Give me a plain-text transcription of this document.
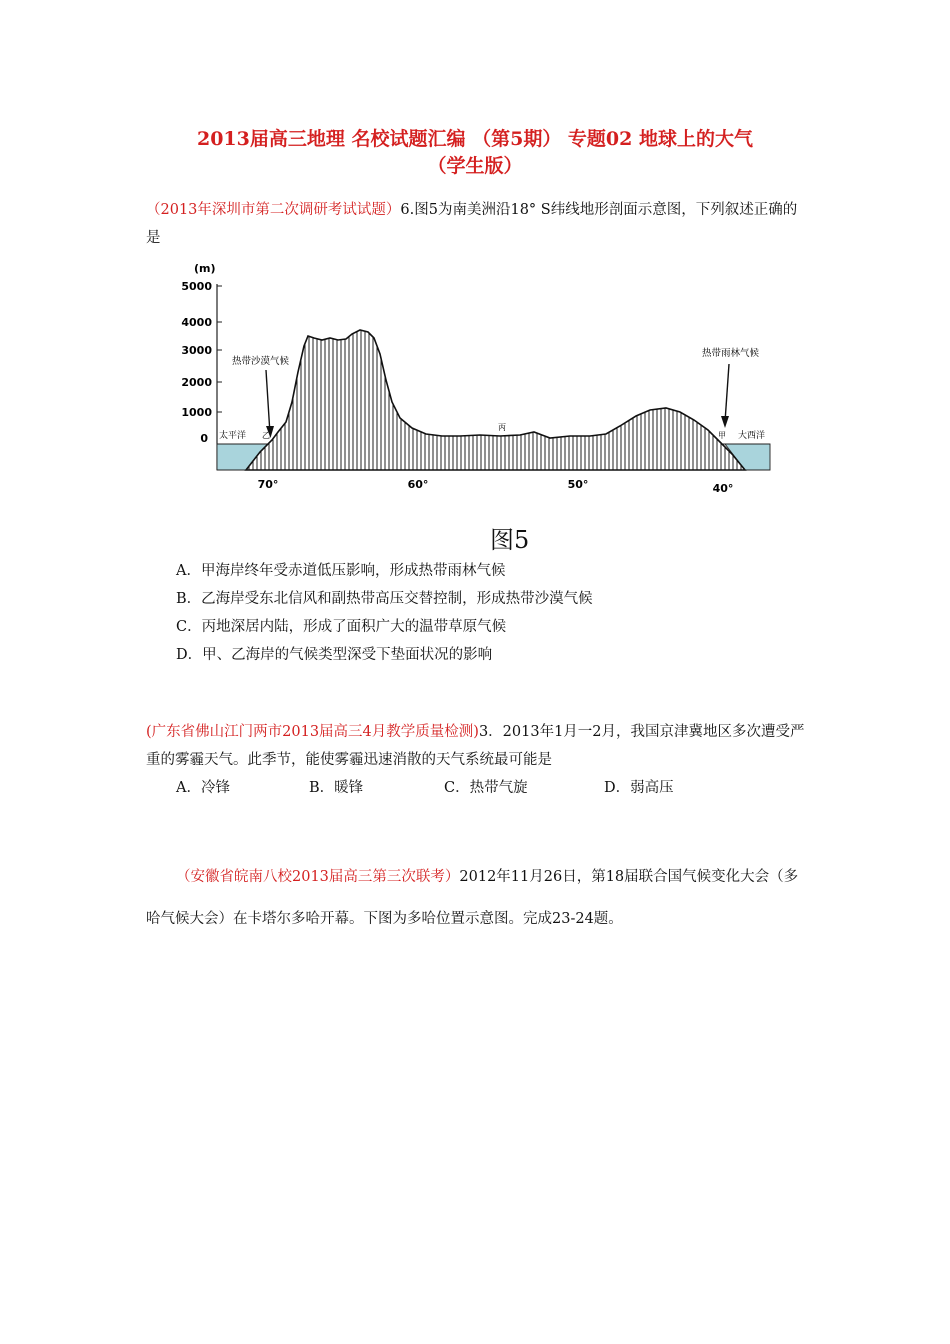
2013届高三地理 名校试题汇编 （第5期） 专题02 地球上的大气
（学生版）
（2013年深圳市第二次调研考试试题）6.图5为南美洲沿18° S纬线地形剖面示意图，下列叙述正确的是
(m)
5000
4000
3000
2000
1000
0 太平洋	大西洋
热带沙漠气候
热带雨林气候
乙	甲
丙
70°	60°	50°	40°
图5
A．甲海岸终年受赤道低压影响，形成热带雨林气候
B．乙海岸受东北信风和副热带高压交替控制，形成热带沙漠气候
C．丙地深居内陆，形成了面积广大的温带草原气候
D．甲、乙海岸的气候类型深受下垫面状况的影响
(广东省佛山江门两市2013届高三4月教学质量检测)3．2013年1月一2月，我国京津冀地区多次遭受严重的雾霾天气。此季节，能使雾霾迅速消散的天气系统最可能是
A．冷锋	B．暖锋	C．热带气旋	D．弱高压
（安徽省皖南八校2013届高三第三次联考）2012年11月26日，第18届联合国气候变化大会（多哈气候大会）在卡塔尔多哈开幕。下图为多哈位置示意图。完成23-24题。
